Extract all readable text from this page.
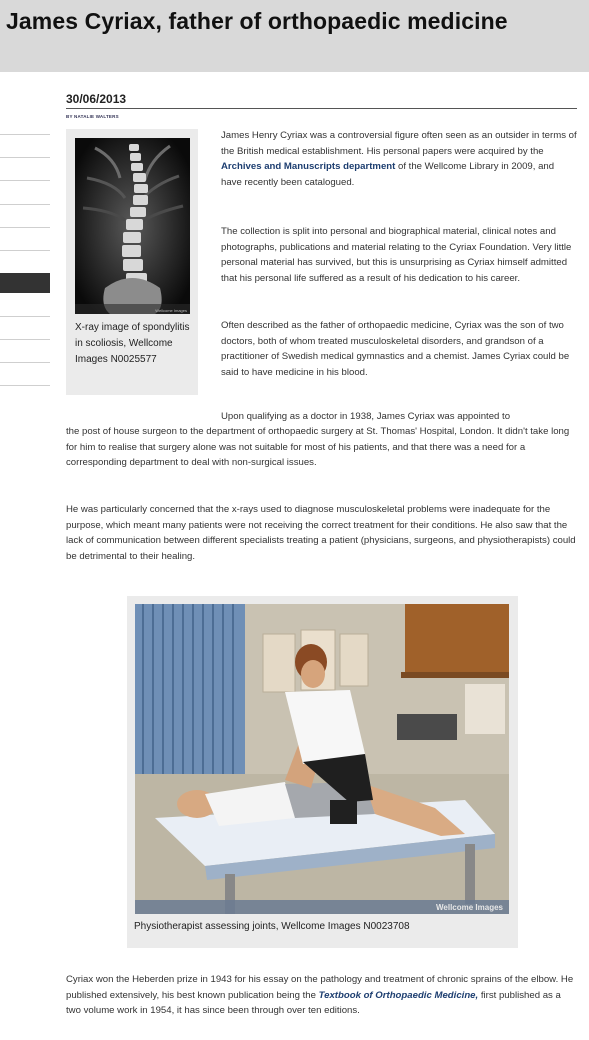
James Cyriax, father of orthopaedic medicine
30/06/2013
BY NATALIE WALTERS
Wellcome Images
X-ray image of spondylitis in scoliosis, Wellcome Images N0025577

James Henry Cyriax was a controversial figure often seen as an outsider in terms of the British medical establishment. His personal papers were acquired by the Archives and Manuscripts department of the Wellcome Library in 2009, and have recently been catalogued.

The collection is split into personal and biographical material, clinical notes and photographs, publications and material relating to the Cyriax Foundation. Very little personal material has survived, but this is unsurprising as Cyriax himself admitted that his personal life suffered as a result of his dedication to his career.

Often described as the father of orthopaedic medicine, Cyriax was the son of two doctors, both of whom treated musculoskeletal disorders, and grandson of a practitioner of Swedish medical gymnastics and a chemist. James Cyriax could be said to have medicine in his blood.

Upon qualifying as a doctor in 1938, James Cyriax was appointed to

the post of house surgeon to the department of orthopaedic surgery at St. Thomas' Hospital, London. It didn't take long for him to realise that surgery alone was not suitable for most of his patients, and that there was a need for a corresponding department to deal with non-surgical issues.

He was particularly concerned that the x-rays used to diagnose musculoskeletal problems were inadequate for the purpose, which meant many patients were not receiving the correct treatment for their conditions. He also saw that the lack of communication between different specialists treating a patient (physicians, surgeons, and physiotherapists) could be detrimental to their healing.

Wellcome Images
Physiotherapist assessing joints, Wellcome Images N0023708

Cyriax won the Heberden prize in 1943 for his essay on the pathology and treatment of chronic sprains of the elbow. He published extensively, his best known publication being the Textbook of Orthopaedic Medicine, first published as a two volume work in 1954, it has since been through over ten editions.
